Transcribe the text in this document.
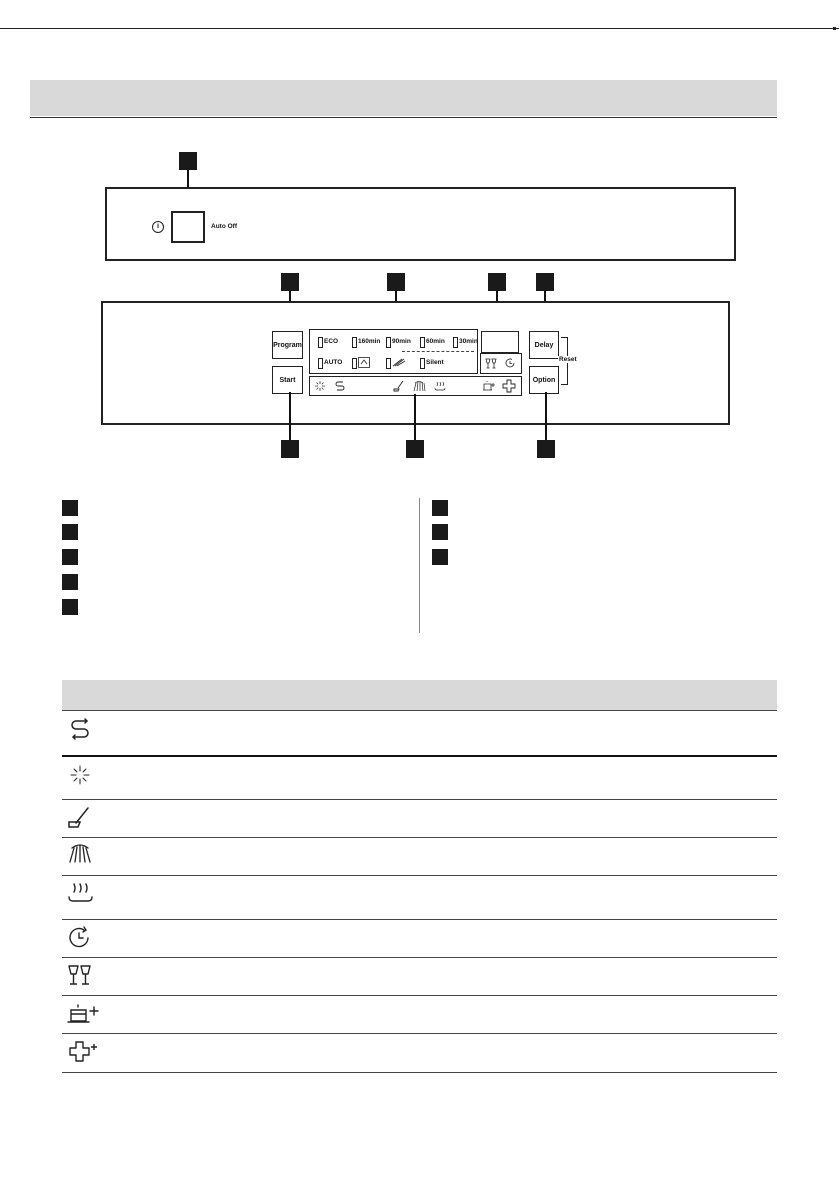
Auto Off
Program
Start
ECO	160min 90min 60min 30min
AUTO	Silent
Delay
Option
Reset
